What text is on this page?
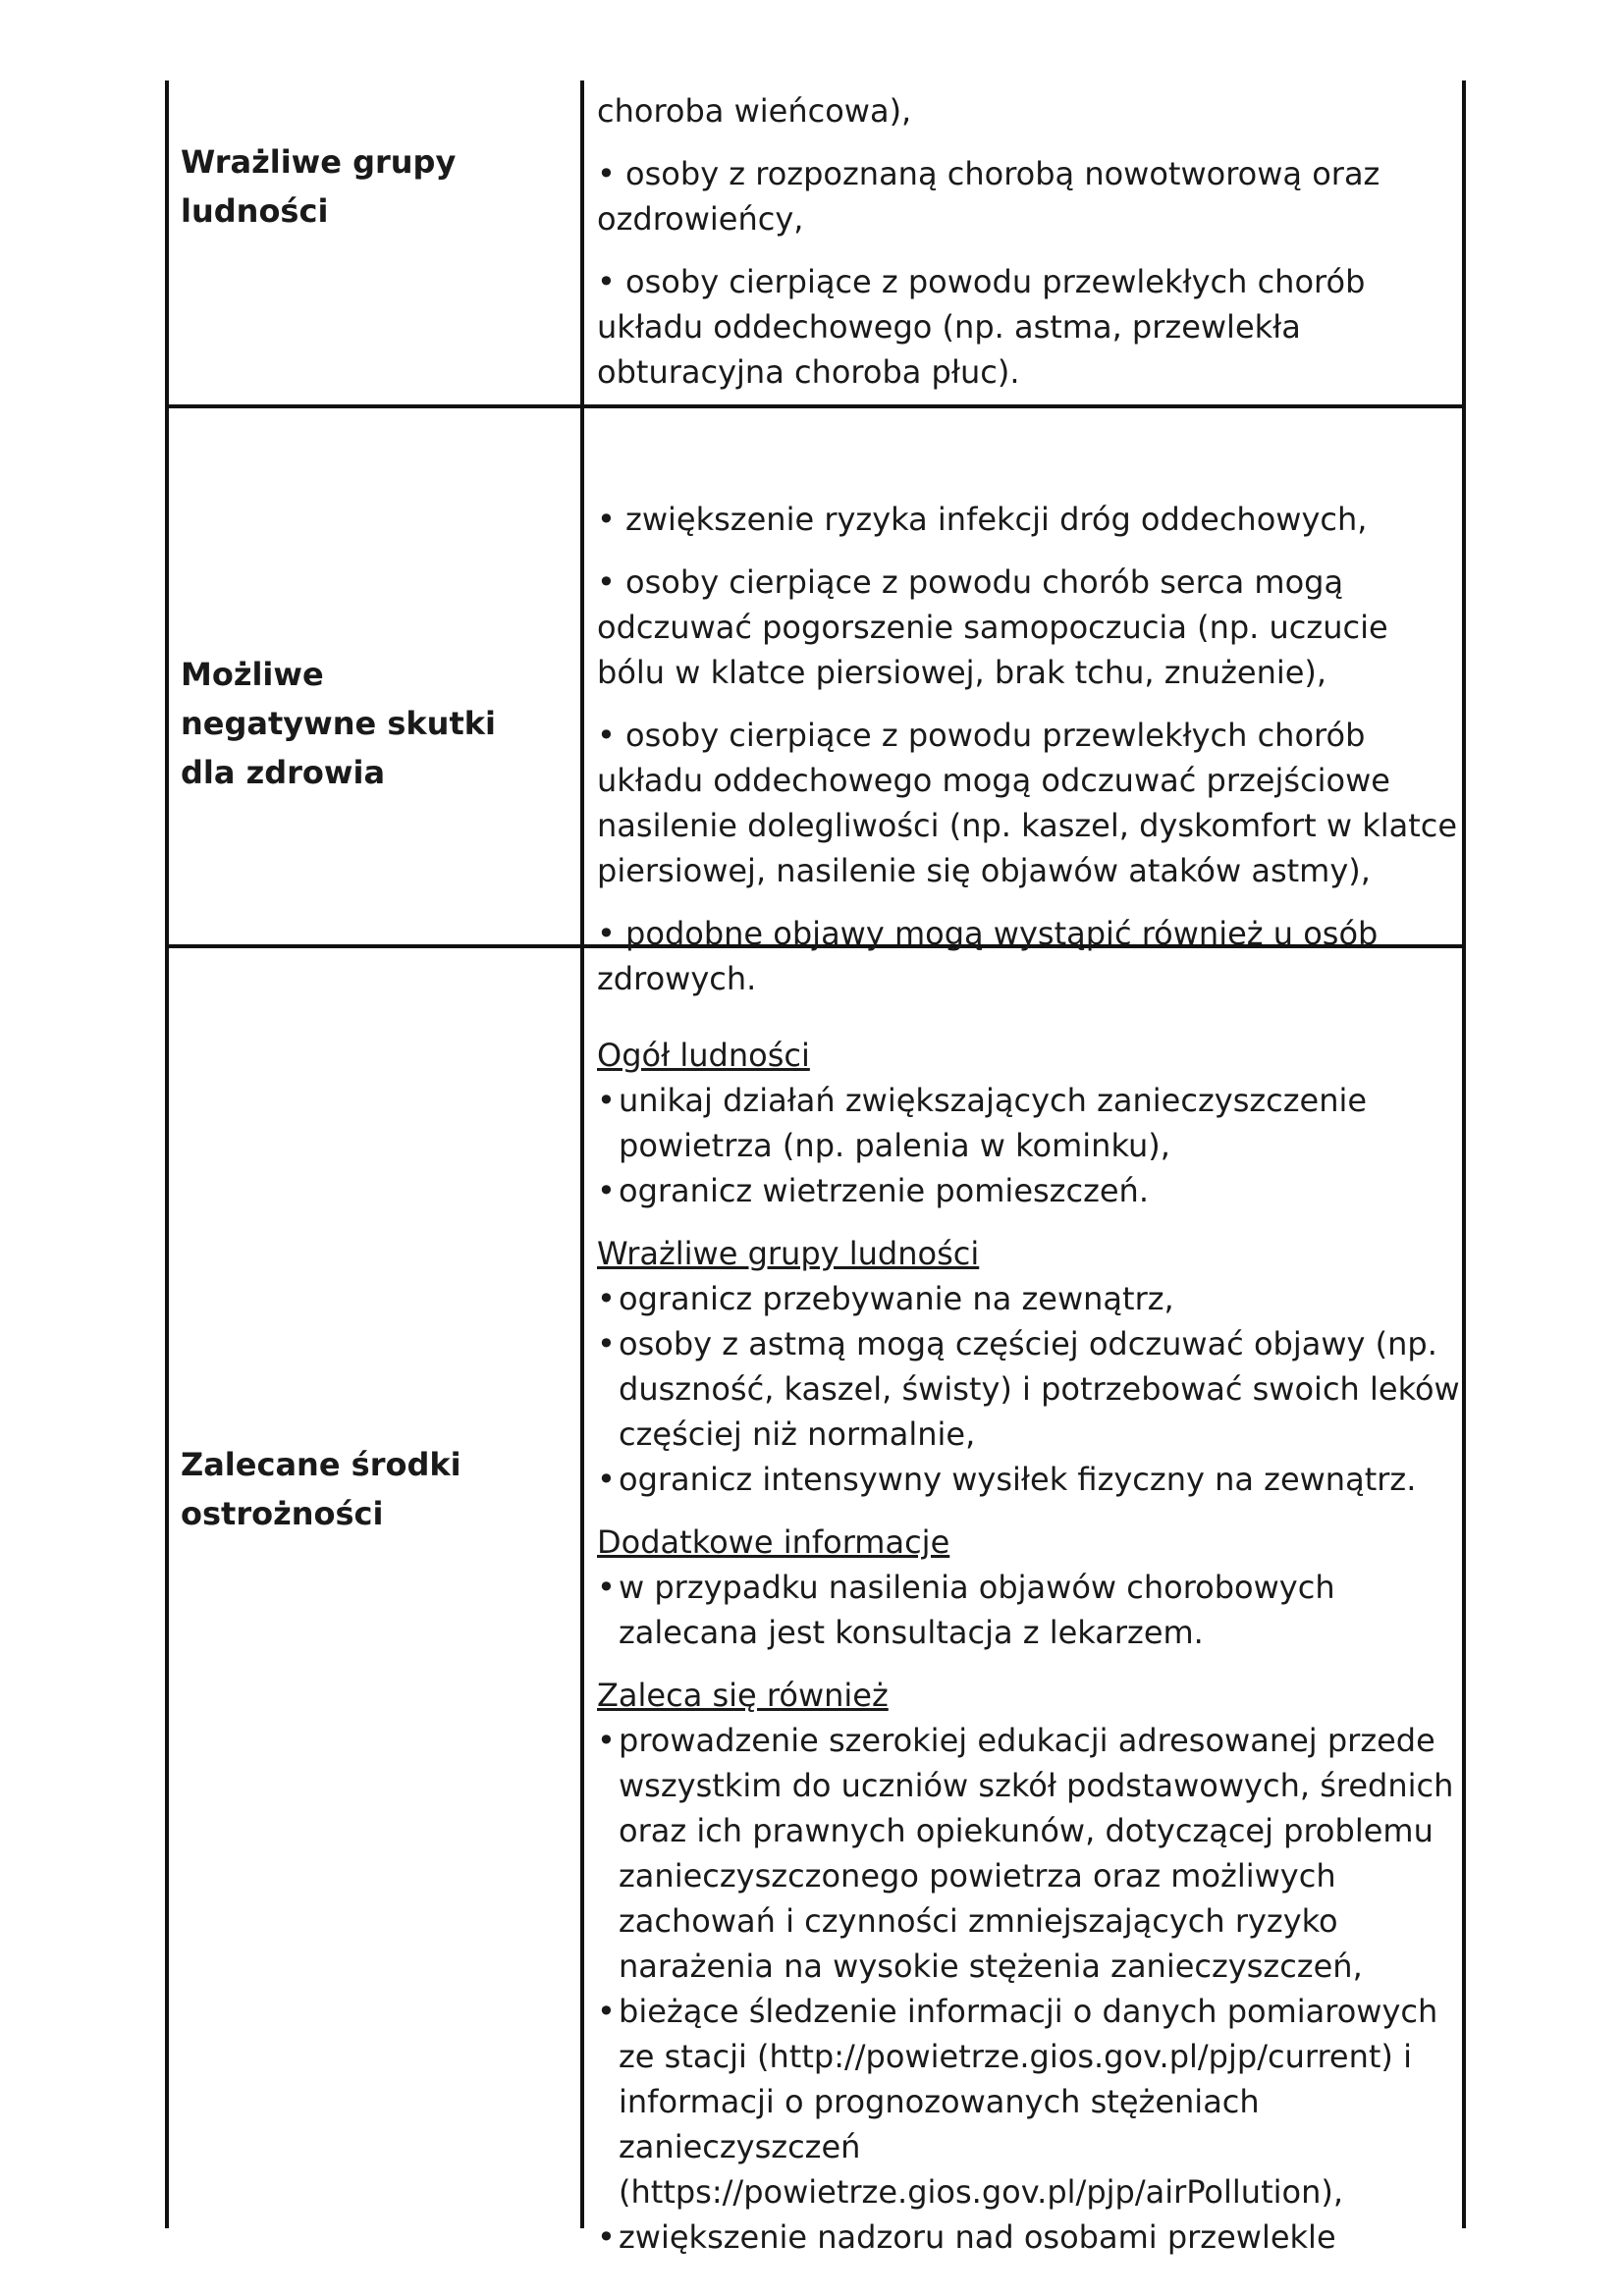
Wrażliwe grupy ludności

choroba wieńcowa),

• osoby z rozpoznaną chorobą nowotworową oraz ozdrowieńcy,

• osoby cierpiące z powodu przewlekłych chorób układu oddechowego (np. astma, przewlekła obturacyjna choroba płuc).

Możliwe negatywne skutki dla zdrowia

• zwiększenie ryzyka infekcji dróg oddechowych,

• osoby cierpiące z powodu chorób serca mogą odczuwać pogorszenie samopoczucia (np. uczucie bólu w klatce piersiowej, brak tchu, znużenie),

• osoby cierpiące z powodu przewlekłych chorób układu oddechowego mogą odczuwać przejściowe nasilenie dolegliwości (np. kaszel, dyskomfort w klatce piersiowej, nasilenie się objawów ataków astmy),

• podobne objawy mogą wystąpić również u osób zdrowych.

Zalecane środki ostrożności
Ogół ludności
• unikaj działań zwiększających zanieczyszczenie powietrza (np. palenia w kominku),
• ogranicz wietrzenie pomieszczeń.
Wrażliwe grupy ludności
• ogranicz przebywanie na zewnątrz,
• osoby z astmą mogą częściej odczuwać objawy (np. duszność, kaszel, świsty) i potrzebować swoich leków częściej niż normalnie,
• ogranicz intensywny wysiłek fizyczny na zewnątrz.
Dodatkowe informacje
• w przypadku nasilenia objawów chorobowych zalecana jest konsultacja z lekarzem.
Zaleca się również
• prowadzenie szerokiej edukacji adresowanej przede wszystkim do uczniów szkół podstawowych, średnich oraz ich prawnych opiekunów, dotyczącej problemu zanieczyszczonego powietrza oraz możliwych zachowań i czynności zmniejszających ryzyko narażenia na wysokie stężenia zanieczyszczeń,
• bieżące śledzenie informacji o danych pomiarowych ze stacji (http://powietrze.gios.gov.pl/pjp/current) i informacji o prognozowanych stężeniach zanieczyszczeń (https://powietrze.gios.gov.pl/pjp/airPollution),
• zwiększenie nadzoru nad osobami przewlekle
